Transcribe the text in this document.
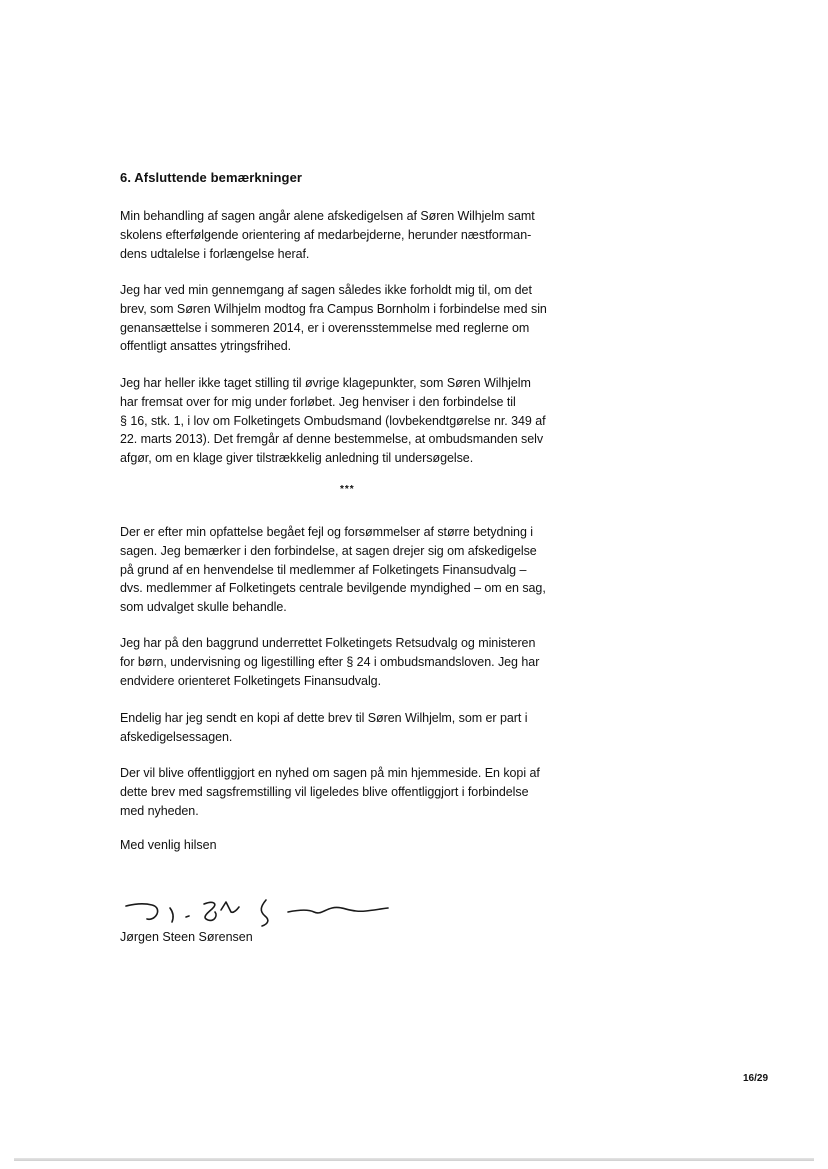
6. Afsluttende bemærkninger
Min behandling af sagen angår alene afskedigelsen af Søren Wilhjelm samt
skolens efterfølgende orientering af medarbejderne, herunder næstforman-
dens udtalelse i forlængelse heraf.
Jeg har ved min gennemgang af sagen således ikke forholdt mig til, om det
brev, som Søren Wilhjelm modtog fra Campus Bornholm i forbindelse med sin
genansættelse i sommeren 2014, er i overensstemmelse med reglerne om
offentligt ansattes ytringsfrihed.
Jeg har heller ikke taget stilling til øvrige klagepunkter, som Søren Wilhjelm
har fremsat over for mig under forløbet. Jeg henviser i den forbindelse til
§ 16, stk. 1, i lov om Folketingets Ombudsmand (lovbekendtgørelse nr. 349 af
22. marts 2013). Det fremgår af denne bestemmelse, at ombudsmanden selv
afgør, om en klage giver tilstrækkelig anledning til undersøgelse.
***
Der er efter min opfattelse begået fejl og forsømmelser af større betydning i
sagen. Jeg bemærker i den forbindelse, at sagen drejer sig om afskedigelse
på grund af en henvendelse til medlemmer af Folketingets Finansudvalg –
dvs. medlemmer af Folketingets centrale bevilgende myndighed – om en sag,
som udvalget skulle behandle.
Jeg har på den baggrund underrettet Folketingets Retsudvalg og ministeren
for børn, undervisning og ligestilling efter § 24 i ombudsmandsloven. Jeg har
endvidere orienteret Folketingets Finansudvalg.
Endelig har jeg sendt en kopi af dette brev til Søren Wilhjelm, som er part i
afskedigelsessagen.
Der vil blive offentliggjort en nyhed om sagen på min hjemmeside. En kopi af
dette brev med sagsfremstilling vil ligeledes blive offentliggjort i forbindelse
med nyheden.
Med venlig hilsen
Jørgen Steen Sørensen
16/29
